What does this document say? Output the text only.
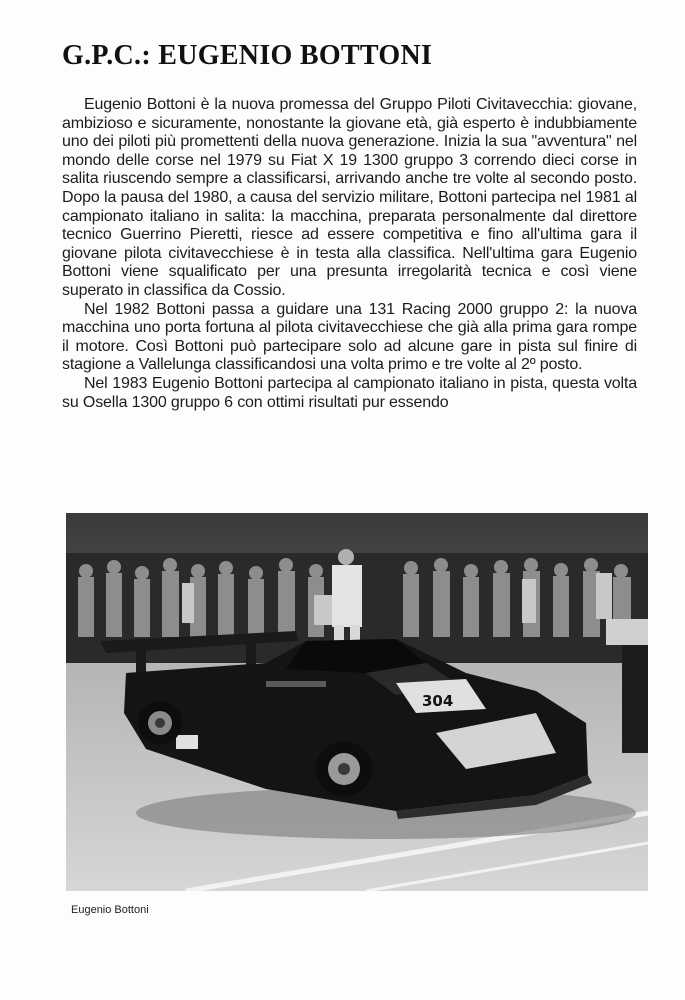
G.P.C.: EUGENIO BOTTONI

Eugenio Bottoni è la nuova promessa del Gruppo Piloti Civitavecchia: giovane, ambizioso e sicuramente, nonostante la giovane età, già esperto è indubbiamente uno dei piloti più promettenti della nuova generazione. Inizia la sua "avventura" nel mondo delle corse nel 1979 su Fiat X 19 1300 gruppo 3 correndo dieci corse in salita riuscendo sempre a classificarsi, arrivando anche tre volte al secondo posto. Dopo la pausa del 1980, a causa del servizio militare, Bottoni partecipa nel 1981 al campionato italiano in salita: la macchina, preparata personalmente dal direttore tecnico Guerrino Pieretti, riesce ad essere competitiva e fino all'ultima gara il giovane pilota civitavecchiese è in testa alla classifica. Nell'ultima gara Eugenio Bottoni viene squalificato per una presunta irregolarità tecnica e così viene superato in classifica da Cossio.

Nel 1982 Bottoni passa a guidare una 131 Racing 2000 gruppo 2: la nuova macchina uno porta fortuna al pilota civitavecchiese che già alla prima gara rompe il motore. Così Bottoni può partecipare solo ad alcune gare in pista sul finire di stagione a Vallelunga classificandosi una volta primo e tre volte al 2º posto.

Nel 1983 Eugenio Bottoni partecipa al campionato italiano in pista, questa volta su Osella 1300 gruppo 6 con ottimi risultati pur essendo

304

Eugenio Bottoni
